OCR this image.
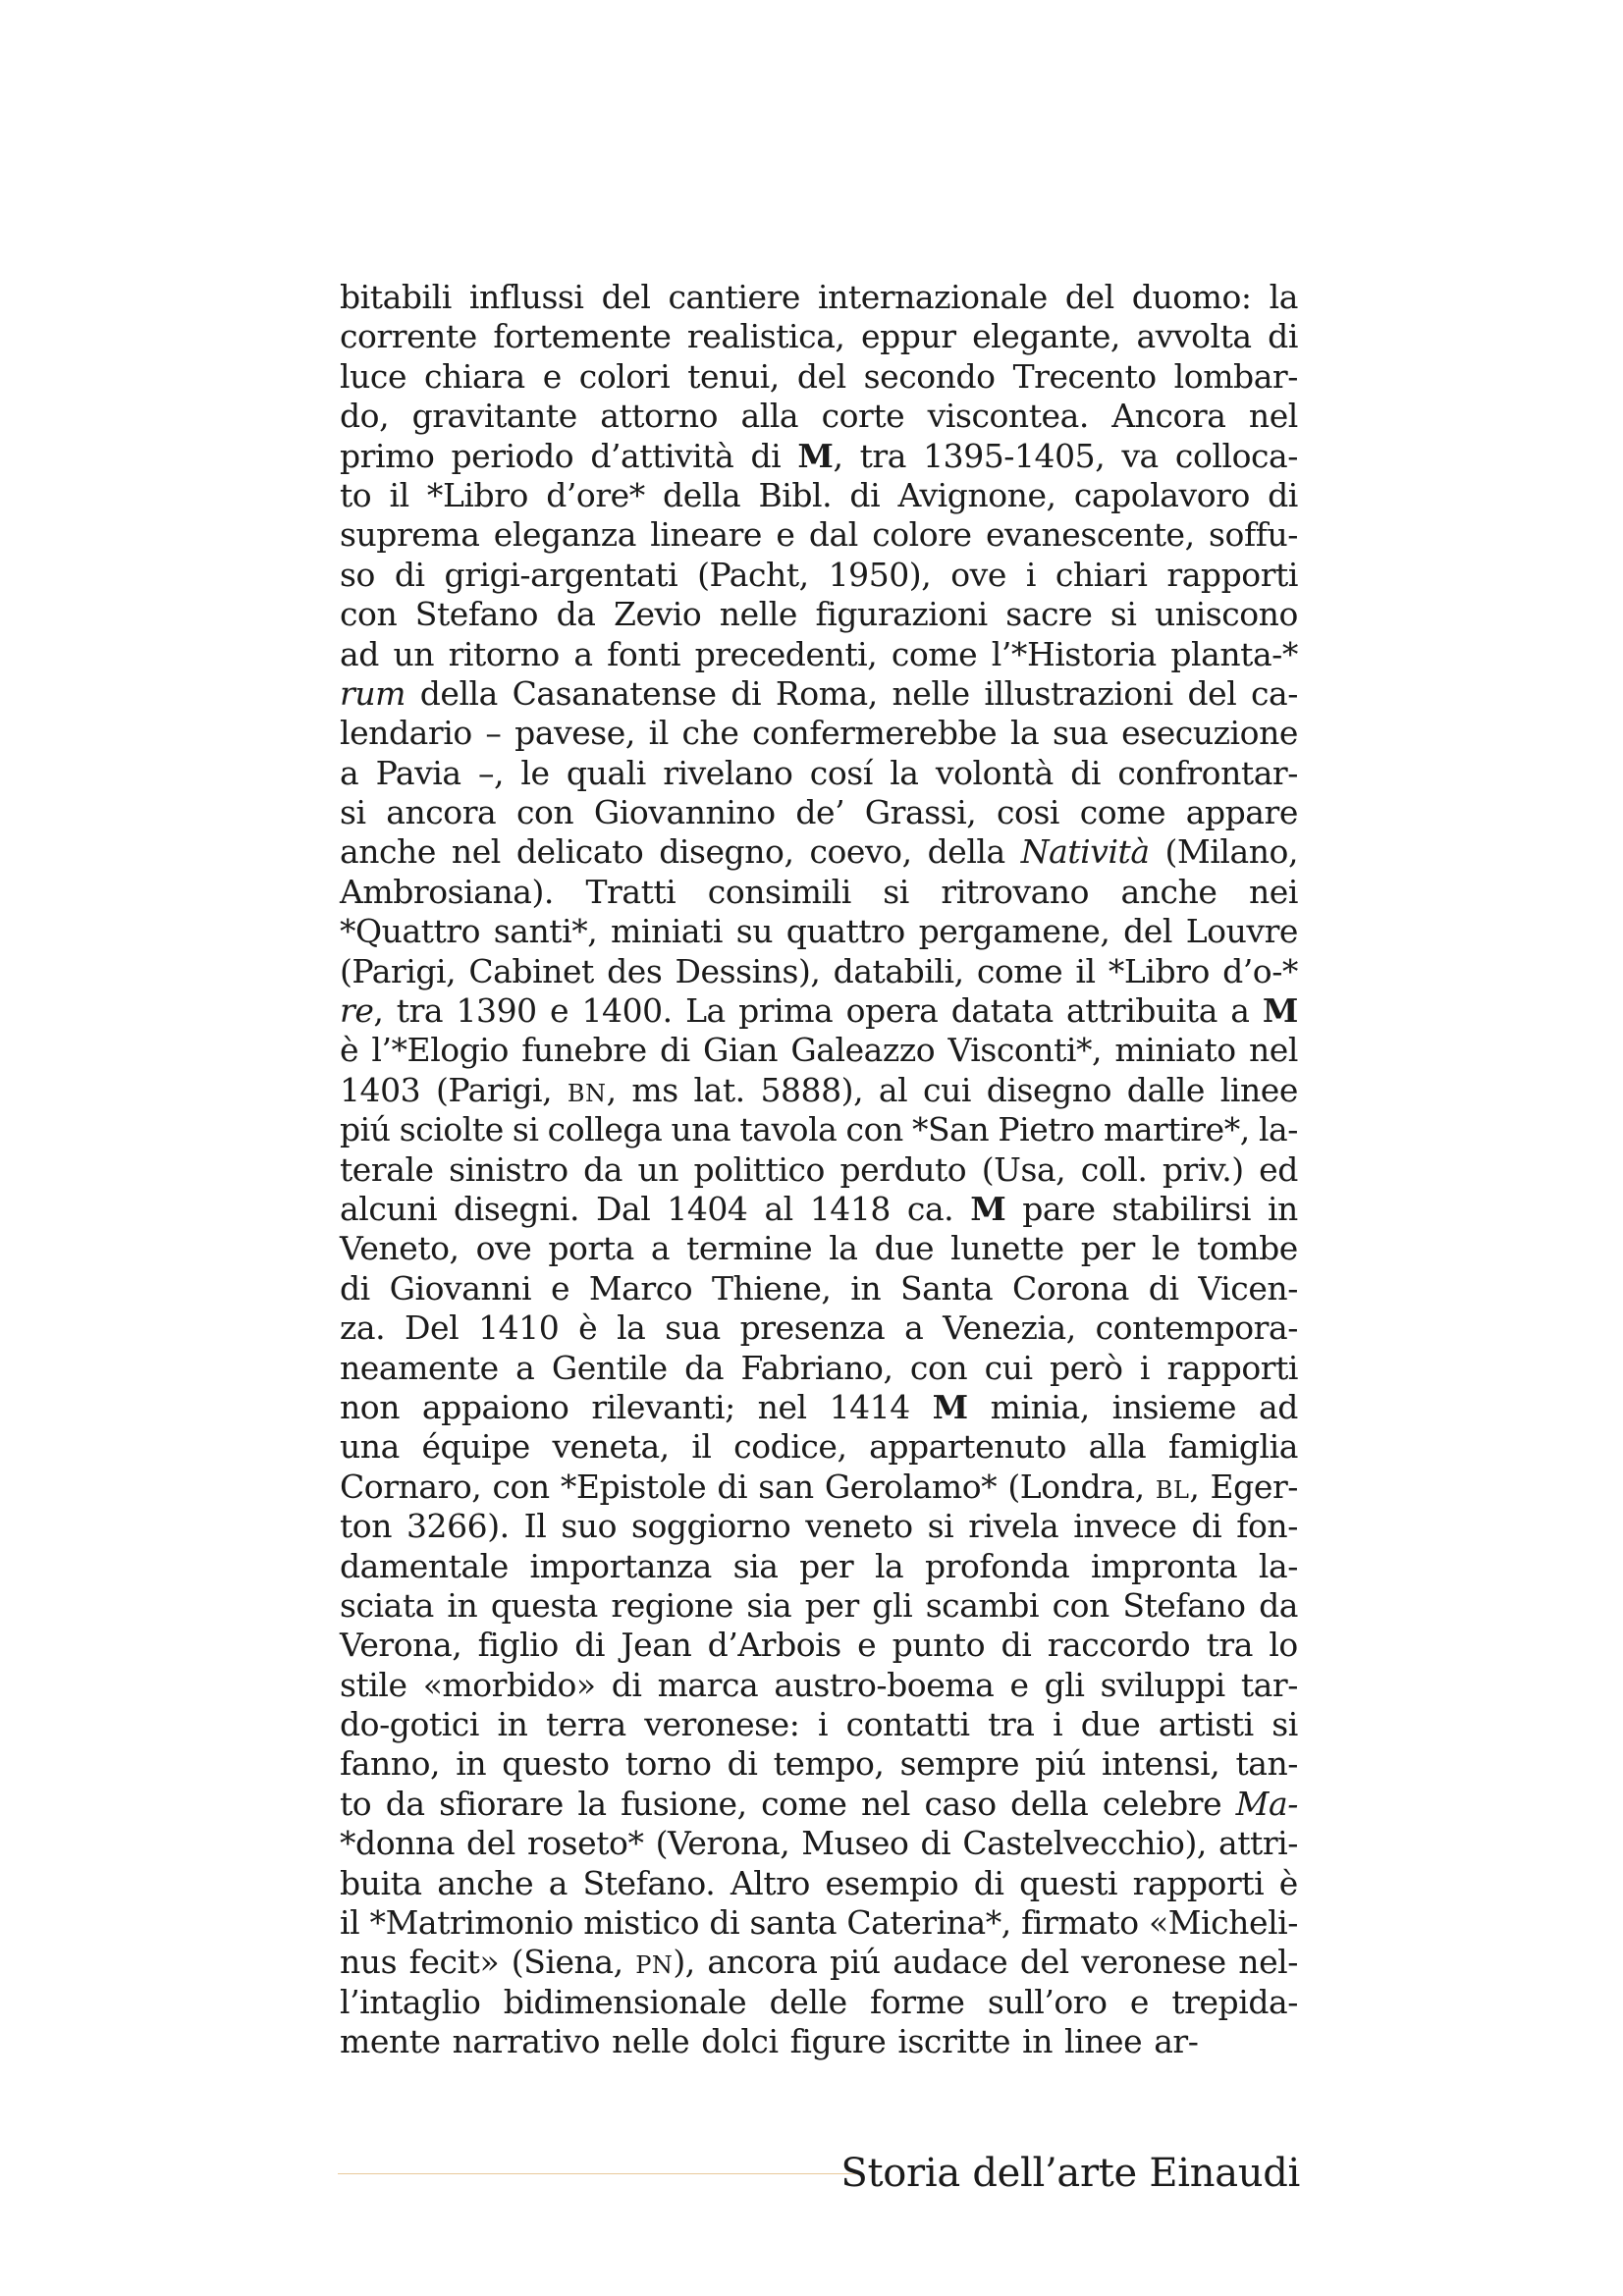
bitabili influssi del cantiere internazionale del duomo: la
corrente fortemente realistica, eppur elegante, avvolta di
luce chiara e colori tenui, del secondo Trecento lombar-
do, gravitante attorno alla corte viscontea. Ancora nel
primo periodo d’attività di M, tra 1395-1405, va colloca-
to il *Libro d’ore* della Bibl. di Avignone, capolavoro di
suprema eleganza lineare e dal colore evanescente, soffu-
so di grigi-argentati (Pacht, 1950), ove i chiari rapporti
con Stefano da Zevio nelle figurazioni sacre si uniscono
ad un ritorno a fonti precedenti, come l’*Historia planta-*
rum della Casanatense di Roma, nelle illustrazioni del ca-
lendario – pavese, il che confermerebbe la sua esecuzione
a Pavia –, le quali rivelano cosí la volontà di confrontar-
si ancora con Giovannino de’ Grassi, cosi come appare
anche nel delicato disegno, coevo, della Natività (Milano,
Ambrosiana). Tratti consimili si ritrovano anche nei
*Quattro santi*, miniati su quattro pergamene, del Louvre
(Parigi, Cabinet des Dessins), databili, come il *Libro d’o-*
re, tra 1390 e 1400. La prima opera datata attribuita a M
è l’*Elogio funebre di Gian Galeazzo Visconti*, miniato nel
1403 (Parigi, BN, ms lat. 5888), al cui disegno dalle linee
piú sciolte si collega una tavola con *San Pietro martire*, la-
terale sinistro da un polittico perduto (Usa, coll. priv.) ed
alcuni disegni. Dal 1404 al 1418 ca. M pare stabilirsi in
Veneto, ove porta a termine la due lunette per le tombe
di Giovanni e Marco Thiene, in Santa Corona di Vicen-
za. Del 1410 è la sua presenza a Venezia, contempora-
neamente a Gentile da Fabriano, con cui però i rapporti
non appaiono rilevanti; nel 1414 M minia, insieme ad
una équipe veneta, il codice, appartenuto alla famiglia
Cornaro, con *Epistole di san Gerolamo* (Londra, BL, Eger-
ton 3266). Il suo soggiorno veneto si rivela invece di fon-
damentale importanza sia per la profonda impronta la-
sciata in questa regione sia per gli scambi con Stefano da
Verona, figlio di Jean d’Arbois e punto di raccordo tra lo
stile «morbido» di marca austro-boema e gli sviluppi tar-
do-gotici in terra veronese: i contatti tra i due artisti si
fanno, in questo torno di tempo, sempre piú intensi, tan-
to da sfiorare la fusione, come nel caso della celebre Ma-
*donna del roseto* (Verona, Museo di Castelvecchio), attri-
buita anche a Stefano. Altro esempio di questi rapporti è
il *Matrimonio mistico di santa Caterina*, firmato «Micheli-
nus fecit» (Siena, PN), ancora piú audace del veronese nel-
l’intaglio bidimensionale delle forme sull’oro e trepida-
mente narrativo nelle dolci figure iscritte in linee ar-
Storia dell’arte Einaudi
